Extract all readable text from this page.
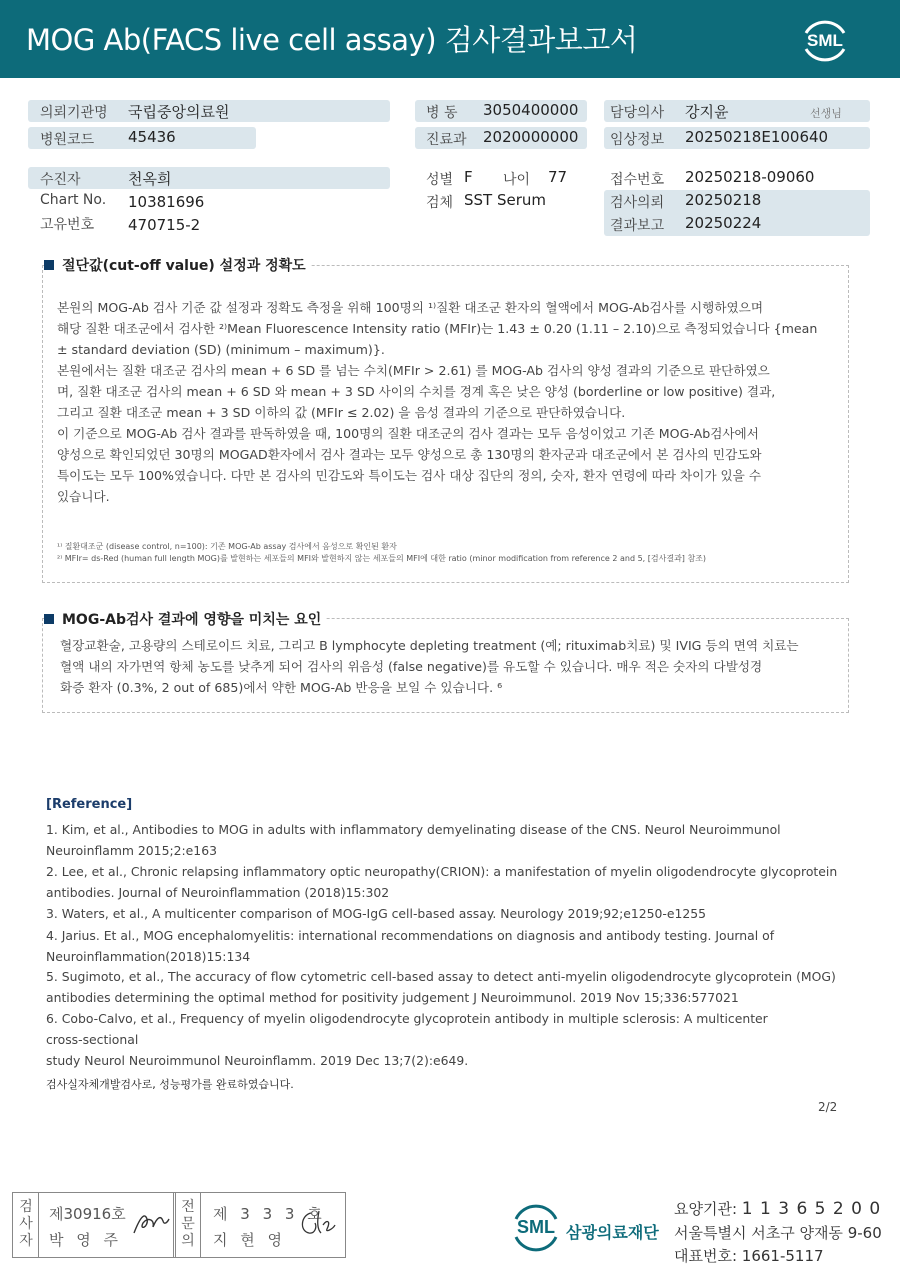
MOG Ab(FACS live cell assay) 검사결과보고서	SML
의뢰기관명 국립중앙의료원
병원코드 45436
병 동 3050400000
진료과 2020000000
담당의사 강지윤	선생님
임상정보 20250218E100640
수진자	천옥희
Chart No. 10381696
고유번호 470715-2
성별 F 나이 77
검체 SST Serum
접수번호 20250218-09060
검사의뢰 20250218
결과보고 20250224
절단값(cut-off value) 설정과 정확도
본원의 MOG-Ab 검사 기준 값 설정과 정확도 측정을 위해 100명의 ¹⁾질환 대조군 환자의 혈액에서 MOG-Ab검사를 시행하였으며
해당 질환 대조군에서 검사한 ²⁾Mean Fluorescence Intensity ratio (MFIr)는 1.43 ± 0.20 (1.11 – 2.10)으로 측정되었습니다 {mean
± standard deviation (SD) (minimum – maximum)}.
본원에서는 질환 대조군 검사의 mean + 6 SD 를 넘는 수치(MFIr > 2.61) 를 MOG-Ab 검사의 양성 결과의 기준으로 판단하였으
며, 질환 대조군 검사의 mean + 6 SD 와 mean + 3 SD 사이의 수치를 경계 혹은 낮은 양성 (borderline or low positive) 결과,
그리고 질환 대조군 mean + 3 SD 이하의 값 (MFIr ≤ 2.02) 을 음성 결과의 기준으로 판단하였습니다.
이 기준으로 MOG-Ab 검사 결과를 판독하였을 때, 100명의 질환 대조군의 검사 결과는 모두 음성이었고 기존 MOG-Ab검사에서
양성으로 확인되었던 30명의 MOGAD환자에서 검사 결과는 모두 양성으로 총 130명의 환자군과 대조군에서 본 검사의 민감도와
특이도는 모두 100%였습니다. 다만 본 검사의 민감도와 특이도는 검사 대상 집단의 정의, 숫자, 환자 연령에 따라 차이가 있을 수
있습니다.
¹⁾ 질환대조군 (disease control, n=100): 기존 MOG-Ab assay 검사에서 음성으로 확인된 환자
²⁾ MFIr= ds-Red (human full length MOG)를 발현하는 세포들의 MFI와 발현하지 않는 세포들의 MFI에 대한 ratio (minor modification from reference 2 and 5, [검사결과] 참조)
MOG-Ab검사 결과에 영향을 미치는 요인
혈장교환술, 고용량의 스테로이드 치료, 그리고 B lymphocyte depleting treatment (예; rituximab치료) 및 IVIG 등의 면역 치료는
혈액 내의 자가면역 항체 농도를 낮추게 되어 검사의 위음성 (false negative)를 유도할 수 있습니다. 매우 적은 숫자의 다발성경
화증 환자 (0.3%, 2 out of 685)에서 약한 MOG-Ab 반응을 보일 수 있습니다. ⁶
[Reference]
1. Kim, et al., Antibodies to MOG in adults with inflammatory demyelinating disease of the CNS. Neurol Neuroimmunol
Neuroinflamm 2015;2:e163
2. Lee, et al., Chronic relapsing inflammatory optic neuropathy(CRION): a manifestation of myelin oligodendrocyte glycoprotein
antibodies. Journal of Neuroinflammation (2018)15:302
3. Waters, et al., A multicenter comparison of MOG-IgG cell-based assay. Neurology 2019;92;e1250-e1255
4. Jarius. Et al., MOG encephalomyelitis: international recommendations on diagnosis and antibody testing. Journal of
Neuroinflammation(2018)15:134
5. Sugimoto, et al., The accuracy of flow cytometric cell-based assay to detect anti-myelin oligodendrocyte glycoprotein (MOG)
antibodies determining the optimal method for positivity judgement J Neuroimmunol. 2019 Nov 15;336:577021
6. Cobo-Calvo, et al., Frequency of myelin oligodendrocyte glycoprotein antibody in multiple sclerosis: A multicenter
cross-sectional
study Neurol Neuroimmunol Neuroinflamm. 2019 Dec 13;7(2):e649.
검사실자체개발검사로, 성능평가를 완료하였습니다.
2/2
검
사
자
제30916호
박 영 주
전
문
의
제 3 3 3 호
지 현 영
SML 삼광의료재단
요양기관: 1 1 3 6 5 2 0 0
서울특별시 서초구 양재동 9-60
대표번호: 1661-5117
